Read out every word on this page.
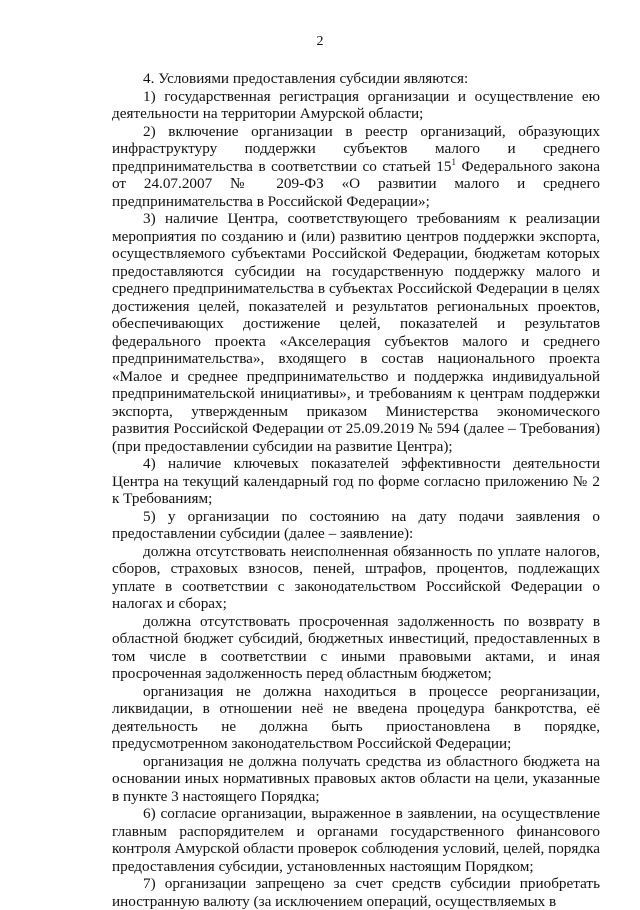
2

4. Условиями предоставления субсидии являются:

1) государственная регистрация организации и осуществление ею деятельности на территории Амурской области;

2) включение организации в реестр организаций, образующих инфраструктуру поддержки субъектов малого и среднего предпринимательства в соответствии со статьей $15^1$ Федерального закона от 24.07.2007 № 209-ФЗ «О развитии малого и среднего предпринимательства в Российской Федерации»;

3) наличие Центра, соответствующего требованиям к реализации мероприятия по созданию и (или) развитию центров поддержки экспорта, осуществляемого субъектами Российской Федерации, бюджетам которых предоставляются субсидии на государственную поддержку малого и среднего предпринимательства в субъектах Российской Федерации в целях достижения целей, показателей и результатов региональных проектов, обеспечивающих достижение целей, показателей и результатов федерального проекта «Акселерация субъектов малого и среднего предпринимательства», входящего в состав национального проекта «Малое и среднее предпринимательство и поддержка индивидуальной предпринимательской инициативы», и требованиям к центрам поддержки экспорта, утвержденным приказом Министерства экономического развития Российской Федерации от 25.09.2019 № 594 (далее – Требования) (при предоставлении субсидии на развитие Центра);

4) наличие ключевых показателей эффективности деятельности Центра на текущий календарный год по форме согласно приложению № 2 к Требованиям;

5) у организации по состоянию на дату подачи заявления о предоставлении субсидии (далее – заявление):

должна отсутствовать неисполненная обязанность по уплате налогов, сборов, страховых взносов, пеней, штрафов, процентов, подлежащих уплате в соответствии с законодательством Российской Федерации о налогах и сборах;

должна отсутствовать просроченная задолженность по возврату в областной бюджет субсидий, бюджетных инвестиций, предоставленных в том числе в соответствии с иными правовыми актами, и иная просроченная задолженность перед областным бюджетом;

организация не должна находиться в процессе реорганизации, ликвидации, в отношении неё не введена процедура банкротства, её деятельность не должна быть приостановлена в порядке, предусмотренном законодательством Российской Федерации;

организация не должна получать средства из областного бюджета на основании иных нормативных правовых актов области на цели, указанные в пункте 3 настоящего Порядка;

6) согласие организации, выраженное в заявлении, на осуществление главным распорядителем и органами государственного финансового контроля Амурской области проверок соблюдения условий, целей, порядка предоставления субсидии, установленных настоящим Порядком;

7) организации запрещено за счет средств субсидии приобретать иностранную валюту (за исключением операций, осуществляемых в
